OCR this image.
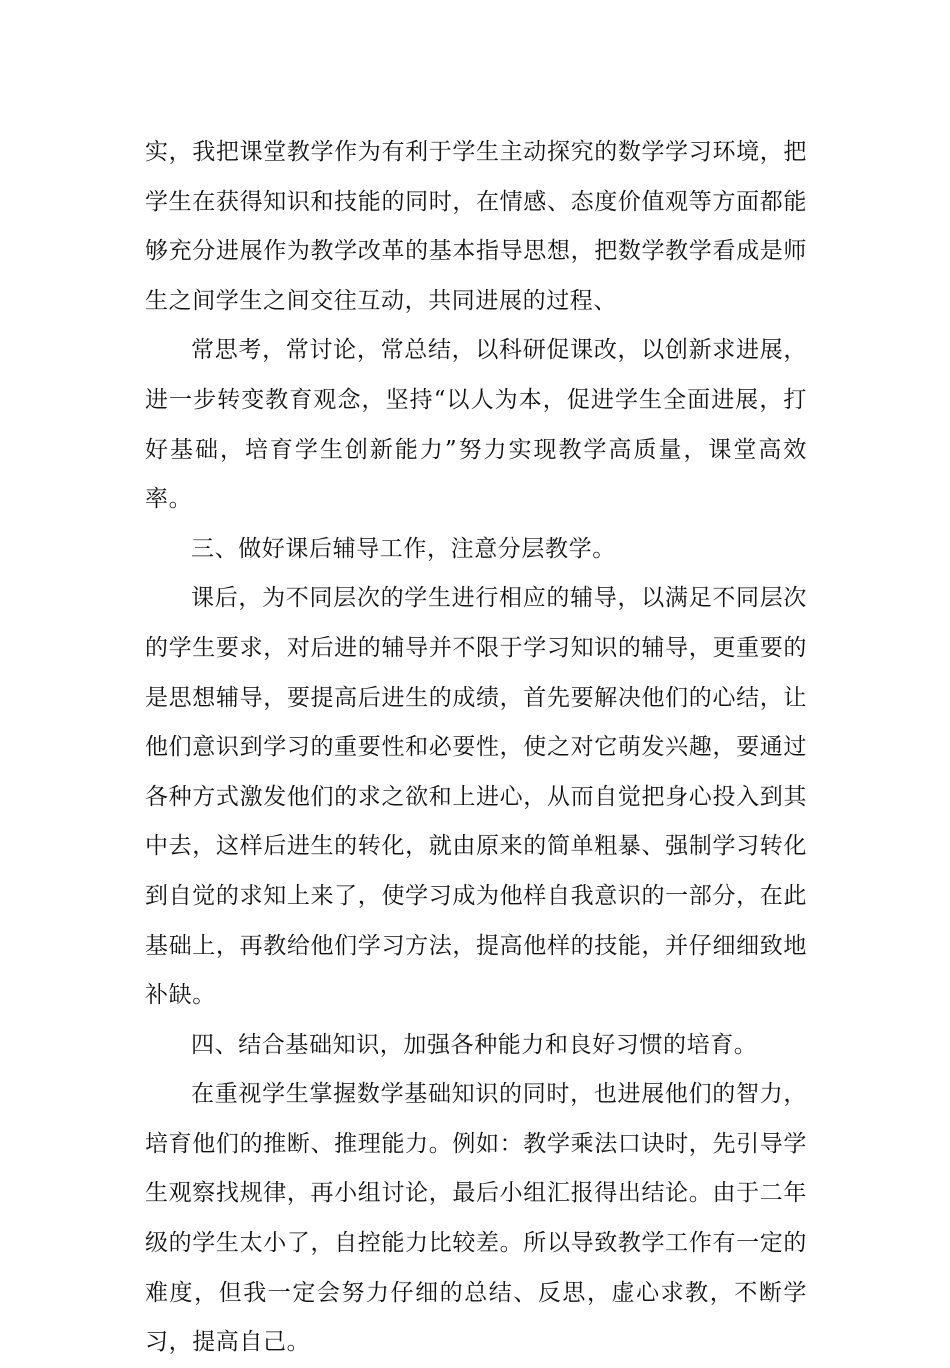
实，我把课堂教学作为有利于学生主动探究的数学学习环境，把学生在获得知识和技能的同时，在情感、态度价值观等方面都能够充分进展作为教学改革的基本指导思想，把数学教学看成是师生之间学生之间交往互动，共同进展的过程、

常思考，常讨论，常总结，以科研促课改，以创新求进展，进一步转变教育观念，坚持“以人为本，促进学生全面进展，打好基础，培育学生创新能力”努力实现教学高质量，课堂高效率。

三、做好课后辅导工作，注意分层教学。

课后，为不同层次的学生进行相应的辅导，以满足不同层次的学生要求，对后进的辅导并不限于学习知识的辅导，更重要的是思想辅导，要提高后进生的成绩，首先要解决他们的心结，让他们意识到学习的重要性和必要性，使之对它萌发兴趣，要通过各种方式激发他们的求之欲和上进心，从而自觉把身心投入到其中去，这样后进生的转化，就由原来的简单粗暴、强制学习转化到自觉的求知上来了，使学习成为他样自我意识的一部分，在此基础上，再教给他们学习方法，提高他样的技能，并仔细细致地补缺。

四、结合基础知识，加强各种能力和良好习惯的培育。

在重视学生掌握数学基础知识的同时，也进展他们的智力，培育他们的推断、推理能力。例如：教学乘法口诀时，先引导学生观察找规律，再小组讨论，最后小组汇报得出结论。由于二年级的学生太小了，自控能力比较差。所以导致教学工作有一定的难度，但我一定会努力仔细的总结、反思，虚心求教，不断学习，提高自己。
